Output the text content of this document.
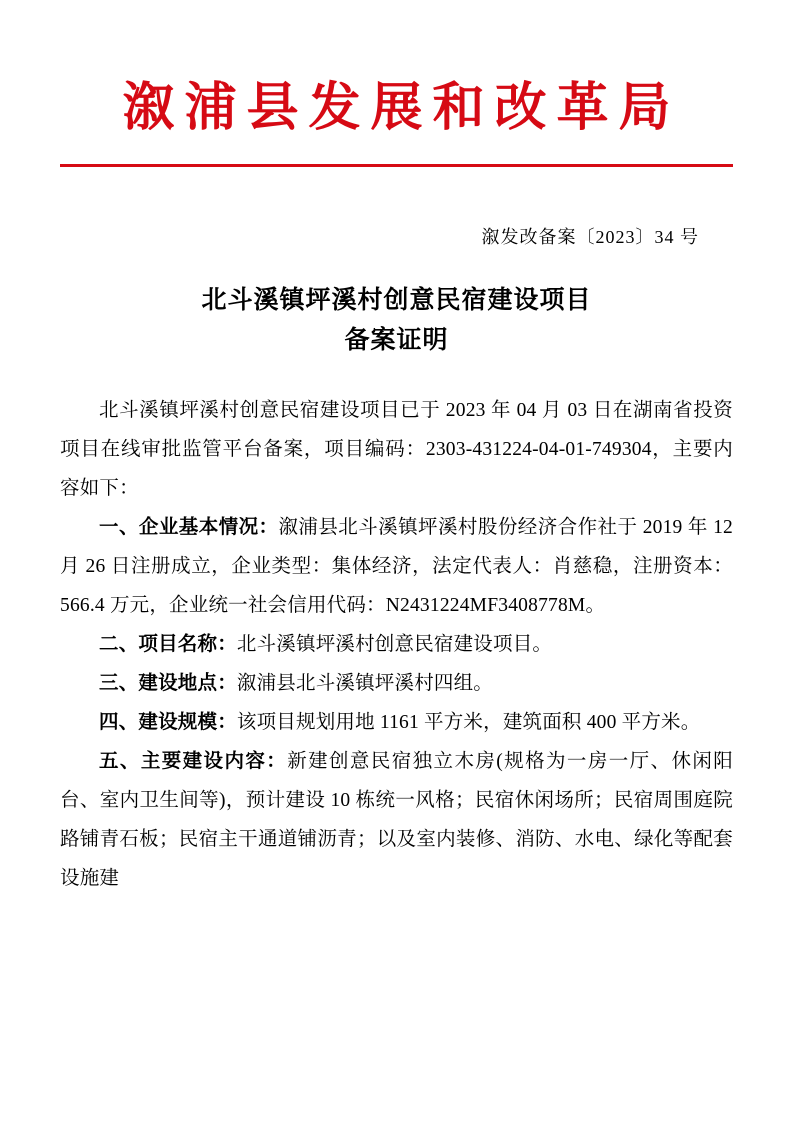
溆浦县发展和改革局
溆发改备案〔2023〕34 号
北斗溪镇坪溪村创意民宿建设项目
备案证明

北斗溪镇坪溪村创意民宿建设项目已于 2023 年 04 月 03 日在湖南省投资项目在线审批监管平台备案，项目编码：2303-431224-04-01-749304，主要内容如下：

一、企业基本情况：溆浦县北斗溪镇坪溪村股份经济合作社于 2019 年 12 月 26 日注册成立，企业类型：集体经济，法定代表人：肖慈稳，注册资本：566.4 万元，企业统一社会信用代码：N2431224MF3408778M。

二、项目名称：北斗溪镇坪溪村创意民宿建设项目。

三、建设地点：溆浦县北斗溪镇坪溪村四组。

四、建设规模：该项目规划用地 1161 平方米，建筑面积 400 平方米。

五、主要建设内容：新建创意民宿独立木房(规格为一房一厅、休闲阳台、室内卫生间等)，预计建设 10 栋统一风格；民宿休闲场所；民宿周围庭院路铺青石板；民宿主干通道铺沥青；以及室内装修、消防、水电、绿化等配套设施建
